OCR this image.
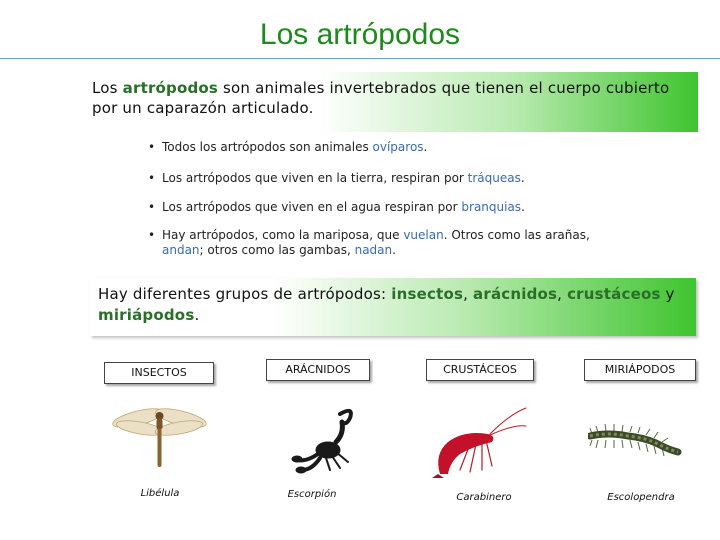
Los artrópodos
Los artrópodos son animales invertebrados que tienen el cuerpo cubierto por un caparazón articulado.
• Todos los artrópodos son animales ovíparos.
• Los artrópodos que viven en la tierra, respiran por tráqueas.
• Los artrópodos que viven en el agua respiran por branquias.
• Hay artrópodos, como la mariposa, que vuelan. Otros como las arañas, andan; otros como las gambas, nadan.
Hay diferentes grupos de artrópodos: insectos, arácnidos, crustáceos y miriápodos.
INSECTOS	ARÁCNIDOS	CRUSTÁCEOS	MIRIÁPODOS
Libélula	Escorpión	Carabinero	Escolopendra
